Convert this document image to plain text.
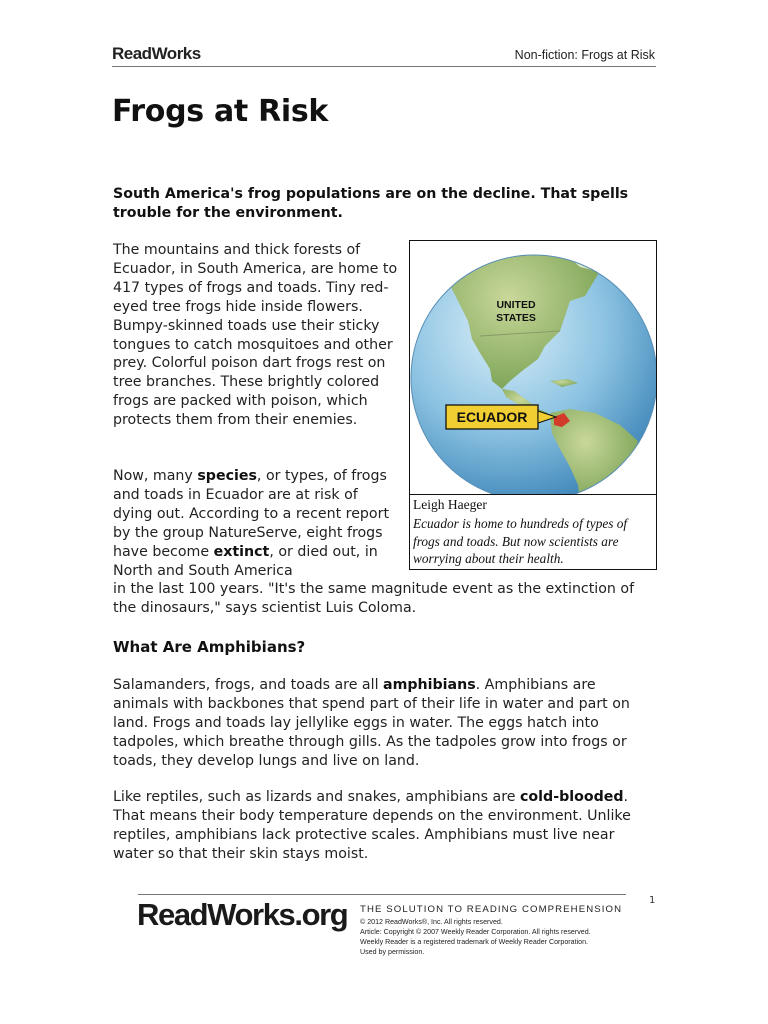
ReadWorks	Non-fiction: Frogs at Risk
Frogs at Risk
South America's frog populations are on the decline. That spells trouble for the environment.
The mountains and thick forests of Ecuador, in South America, are home to 417 types of frogs and toads. Tiny red-eyed tree frogs hide inside flowers. Bumpy-skinned toads use their sticky tongues to catch mosquitoes and other prey. Colorful poison dart frogs rest on tree branches. These brightly colored frogs are packed with poison, which protects them from their enemies.
Now, many species, or types, of frogs and toads in Ecuador are at risk of dying out. According to a recent report by the group NatureServe, eight frogs have become extinct, or died out, in North and South America
in the last 100 years. "It's the same magnitude event as the extinction of the dinosaurs," says scientist Luis Coloma.
UNITED
STATES
ECUADOR
Leigh Haeger
Ecuador is home to hundreds of types of frogs and toads. But now scientists are worrying about their health.
What Are Amphibians?
Salamanders, frogs, and toads are all amphibians. Amphibians are animals with backbones that spend part of their life in water and part on land. Frogs and toads lay jellylike eggs in water. The eggs hatch into tadpoles, which breathe through gills. As the tadpoles grow into frogs or toads, they develop lungs and live on land.
Like reptiles, such as lizards and snakes, amphibians are cold-blooded. That means their body temperature depends on the environment. Unlike reptiles, amphibians lack protective scales. Amphibians must live near water so that their skin stays moist.
1
ReadWorks.org THE SOLUTION TO READING COMPREHENSION
© 2012 ReadWorks®, Inc. All rights reserved.
Article: Copyright © 2007 Weekly Reader Corporation. All rights reserved.
Weekly Reader is a registered trademark of Weekly Reader Corporation.
Used by permission.
